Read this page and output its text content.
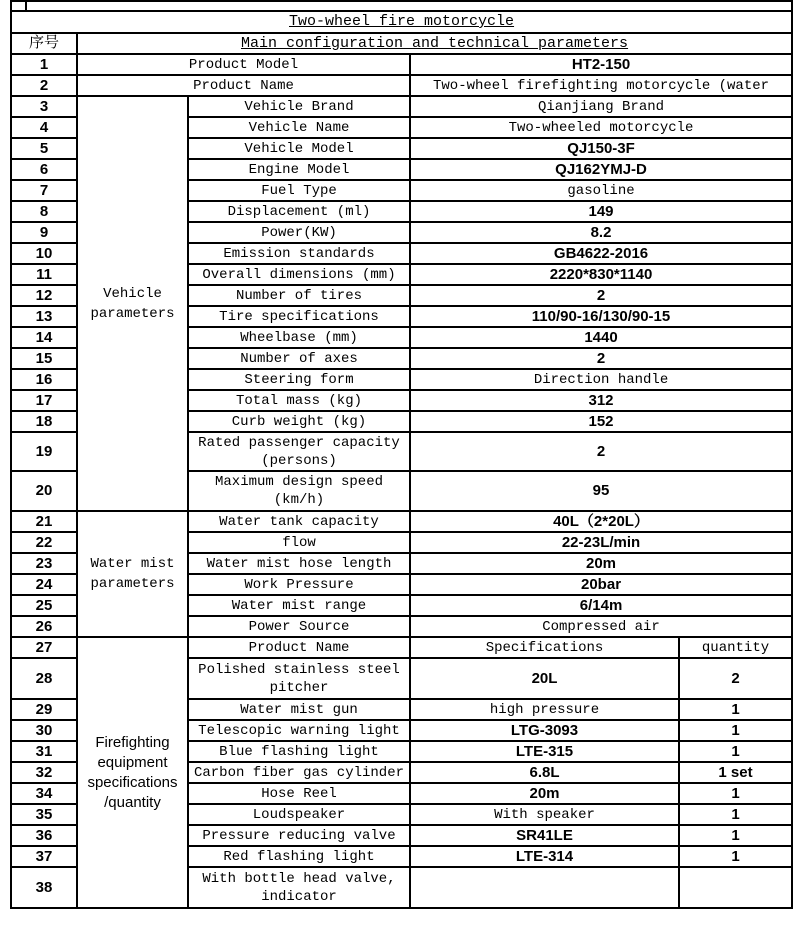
Two-wheel fire motorcycle				
序号	Main configuration and technical parameters			
1	Product Model		HT2-150	
2	Product Name		Two-wheel firefighting motorcycle (water	
3	Vehicle parameters	Vehicle Brand	Qianjiang Brand	
4		Vehicle Name	Two-wheeled motorcycle	
5		Vehicle Model	QJ150-3F	
6		Engine Model	QJ162YMJ-D	
7		Fuel Type	gasoline	
8		Displacement (ml)	149	
9		Power(KW)	8.2	
10		Emission standards	GB4622-2016	
11		Overall dimensions (mm)	2220*830*1140	
12		Number of tires	2	
13		Tire specifications	110/90-16/130/90-15	
14		Wheelbase (mm)	1440	
15		Number of axes	2	
16		Steering form	Direction handle	
17		Total mass (kg)	312	
18		Curb weight (kg)	152	
19		Rated passenger capacity (persons)	2	
20		Maximum design speed (km/h)	95	
21	Water mist parameters	Water tank capacity	40L（2*20L）	
22		flow	22-23L/min	
23		Water mist hose length	20m	
24		Work Pressure	20bar	
25		Water mist range	6/14m	
26		Power Source	Compressed air	
27	Firefighting equipment specifications /quantity	Product Name	Specifications	quantity
28		Polished stainless steel pitcher	20L	2
29		Water mist gun	high pressure	1
30		Telescopic warning light	LTG-3093	1
31		Blue flashing light	LTE-315	1
32		Carbon fiber gas cylinder	6.8L	1 set
34		Hose Reel	20m	1
35		Loudspeaker	With speaker	1
36		Pressure reducing valve	SR41LE	1
37		Red flashing light	LTE-314	1
38		With bottle head valve, indicator		
